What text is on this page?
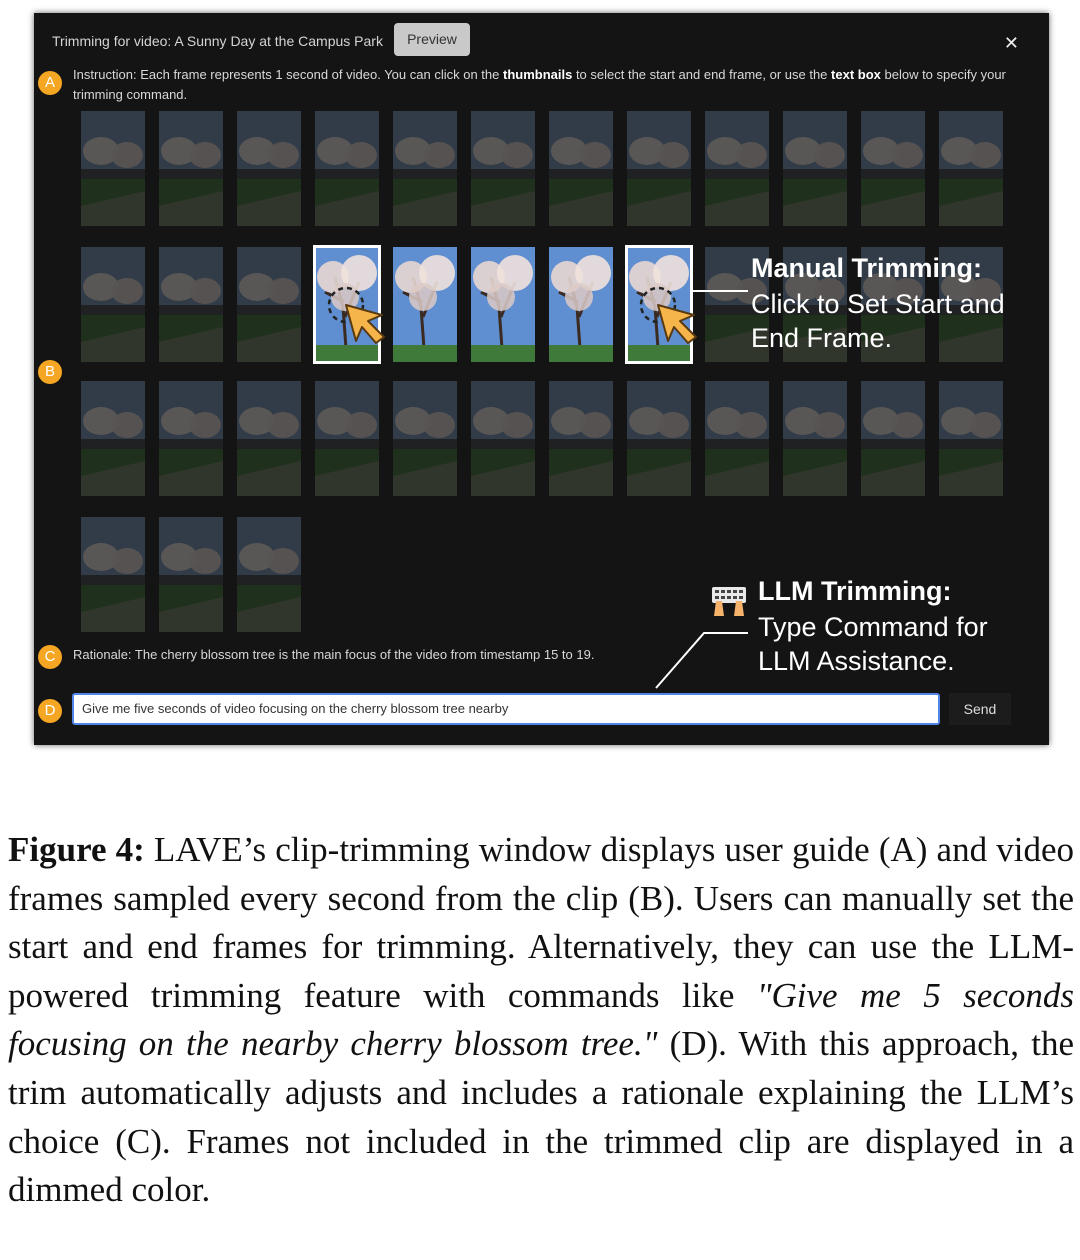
Trimming for video: A Sunny Day at the Campus Park	Preview	✕
A	Instruction: Each frame represents 1 second of video. You can click on the thumbnails to select the start and end frame, or use the text box below to specify your trimming command.
B
Manual Trimming:
Click to Set Start and
End Frame.
LLM Trimming:
Type Command for
LLM Assistance.
C	Rationale: The cherry blossom tree is the main focus of the video from timestamp 15 to 19.
D
Give me five seconds of video focusing on the cherry blossom tree nearby	Send

Figure 4: LAVE’s clip-trimming window displays user guide (A) and video frames sampled every second from the clip (B). Users can manually set the start and end frames for trimming. Alternatively, they can use the LLM-powered trimming feature with commands like "Give me 5 seconds focusing on the nearby cherry blossom tree." (D). With this approach, the trim automatically adjusts and includes a rationale explaining the LLM’s choice (C). Frames not included in the trimmed clip are displayed in a dimmed color.
